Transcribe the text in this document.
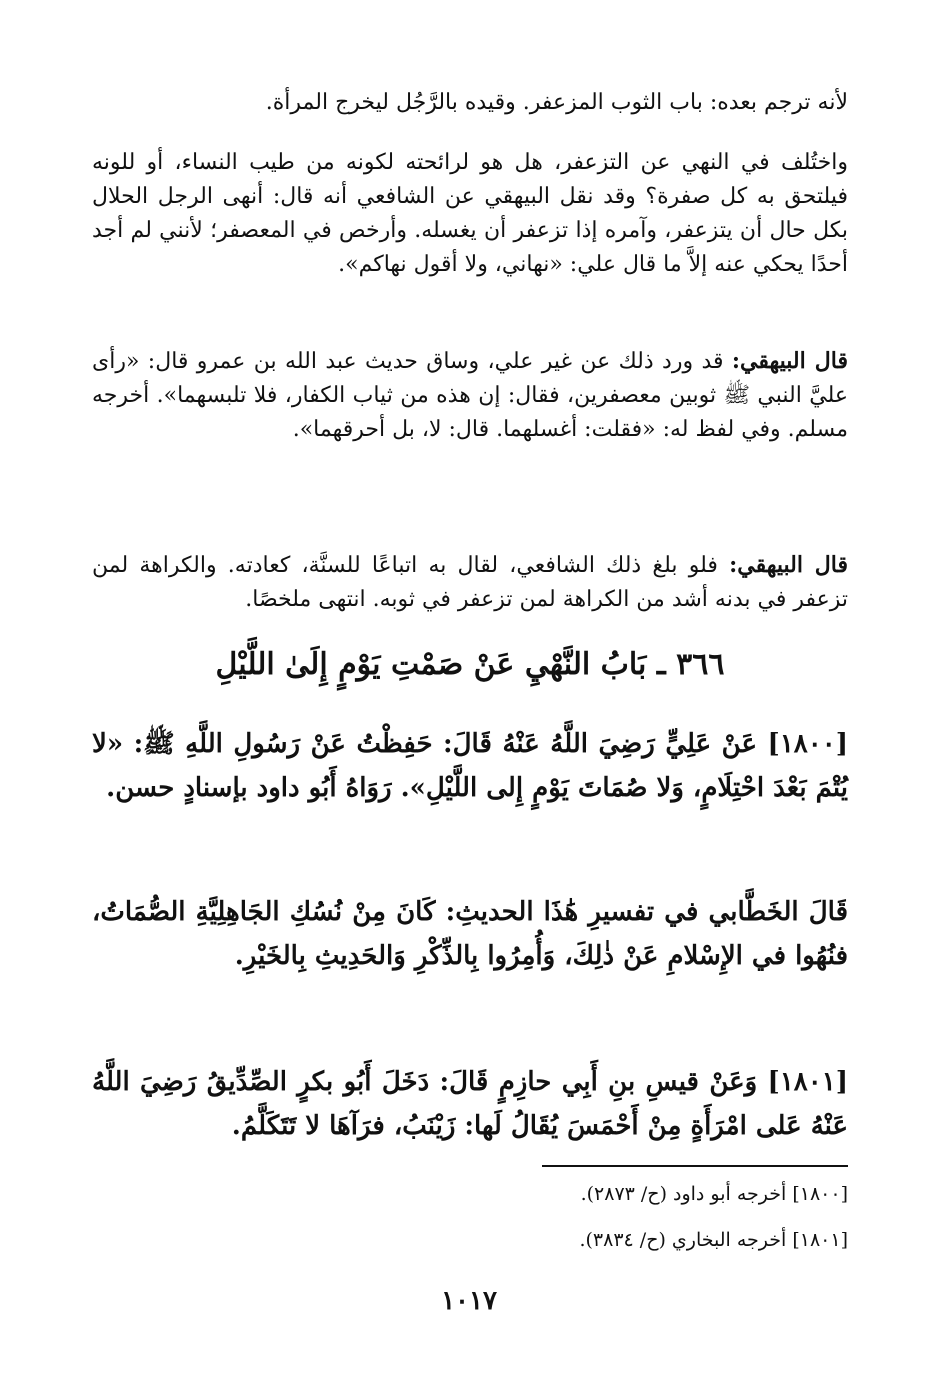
لأنه ترجم بعده: باب الثوب المزعفر. وقيده بالرَّجُل ليخرج المرأة.

واختُلف في النهي عن التزعفر، هل هو لرائحته لكونه من طيب النساء، أو للونه فيلتحق به كل صفرة؟ وقد نقل البيهقي عن الشافعي أنه قال: أنهى الرجل الحلال بكل حال أن يتزعفر، وآمره إذا تزعفر أن يغسله. وأرخص في المعصفر؛ لأنني لم أجد أحدًا يحكي عنه إلاَّ ما قال علي: «نهاني، ولا أقول نهاكم».

قال البيهقي: قد ورد ذلك عن غير علي، وساق حديث عبد الله بن عمرو قال: «رأى عليَّ النبي ﷺ ثوبين معصفرين، فقال: إن هذه من ثياب الكفار، فلا تلبسهما». أخرجه مسلم. وفي لفظ له: «فقلت: أغسلهما. قال: لا، بل أحرقهما».

قال البيهقي: فلو بلغ ذلك الشافعي، لقال به اتباعًا للسنَّة، كعادته. والكراهة لمن تزعفر في بدنه أشد من الكراهة لمن تزعفر في ثوبه. انتهى ملخصًا.

٣٦٦ ـ بَابُ النَّهْيِ عَنْ صَمْتِ يَوْمٍ إِلَىٰ اللَّيْلِ

[١٨٠٠] عَنْ عَلِيٍّ رَضِيَ اللَّهُ عَنْهُ قَالَ: حَفِظْتُ عَنْ رَسُولِ اللَّهِ ﷺ: «لا يُتْمَ بَعْدَ احْتِلَامٍ، وَلا صُمَاتَ يَوْمٍ إِلى اللَّيْلِ». رَوَاهُ أَبُو داود بإسنادٍ حسن.

قَالَ الخَطَّابي في تفسيرِ هَٰذَا الحديثِ: كَانَ مِنْ نُسُكِ الجَاهِلِيَّةِ الصُّمَاتُ، فنُهُوا في الإِسْلامِ عَنْ ذٰلِكَ، وَأُمِرُوا بِالذِّكْرِ وَالحَدِيثِ بِالخَيْرِ.

[١٨٠١] وَعَنْ قيسِ بنِ أَبِي حازِمٍ قَالَ: دَخَلَ أَبُو بكرٍ الصِّدِّيقُ رَضِيَ اللَّهُ عَنْهُ عَلى امْرَأَةٍ مِنْ أَحْمَسَ يُقَالُ لَها: زَيْنَبُ، فرَآهَا لا تَتَكَلَّمُ.

[١٨٠٠] أخرجه أبو داود (ح/ ٢٨٧٣).

[١٨٠١] أخرجه البخاري (ح/ ٣٨٣٤).

١٠١٧
